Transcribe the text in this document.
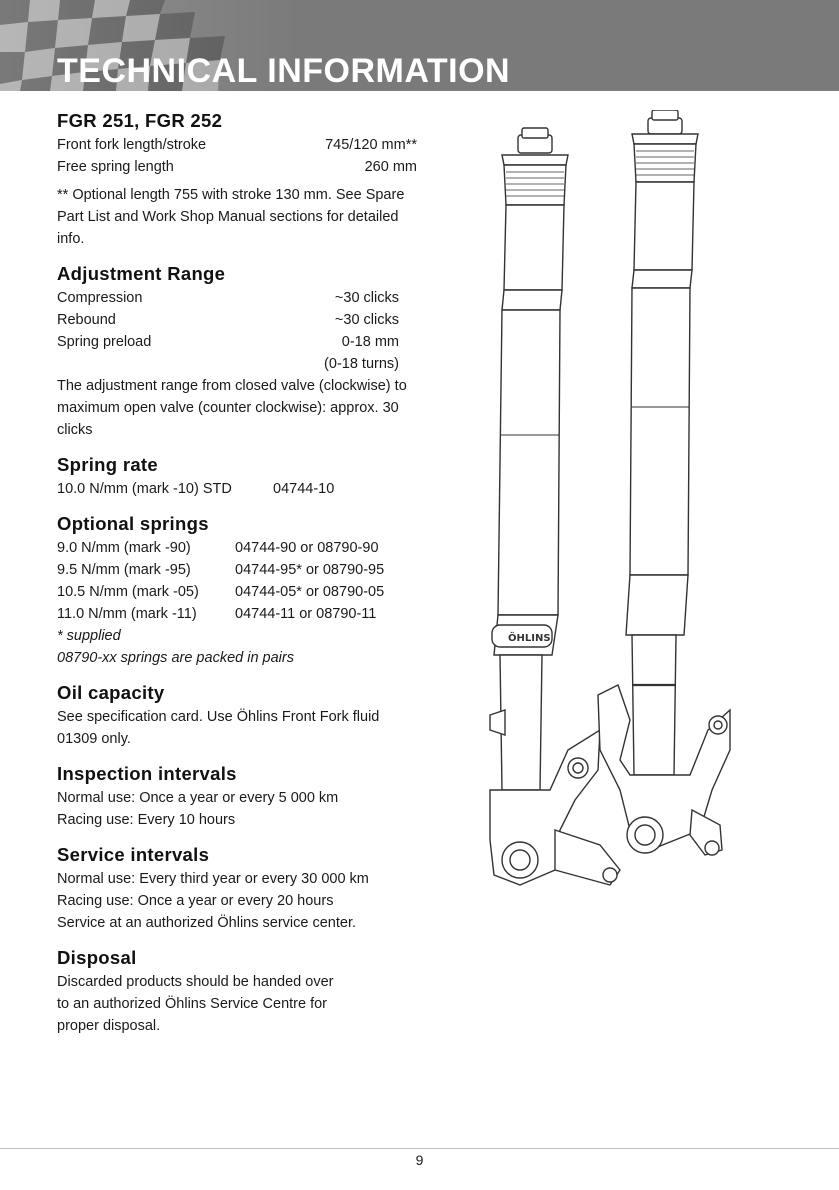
TECHNICAL INFORMATION
FGR 251, FGR 252
Front fork length/stroke	745/120 mm**
Free spring length	260 mm

** Optional length 755 with stroke 130 mm. See Spare Part List and Work Shop Manual sections for detailed info.

Adjustment Range
Compression	~30 clicks
Rebound	~30 clicks
Spring preload	0-18 mm
(0-18 turns)

The adjustment range from closed valve (clockwise) to maximum open valve (counter clockwise): approx. 30 clicks

Spring rate
10.0 N/mm (mark -10) STD	04744-10
Optional springs
9.0 N/mm (mark -90)	04744-90 or 08790-90
9.5 N/mm (mark -95)	04744-95* or 08790-95
10.5 N/mm (mark -05)	04744-05* or 08790-05
11.0 N/mm (mark -11)	04744-11 or 08790-11
* supplied
08790-xx springs are packed in pairs
Oil capacity

See specification card. Use Öhlins Front Fork fluid 01309 only.

Inspection intervals
Normal use: Once a year or every 5 000 km
Racing use: Every 10 hours
Service intervals
Normal use: Every third year or every 30 000 km
Racing use: Once a year or every 20 hours
Service at an authorized Öhlins service center.
Disposal
Discarded products should be handed over
to an authorized Öhlins Service Centre for
proper disposal.
ÖHLINS
9
